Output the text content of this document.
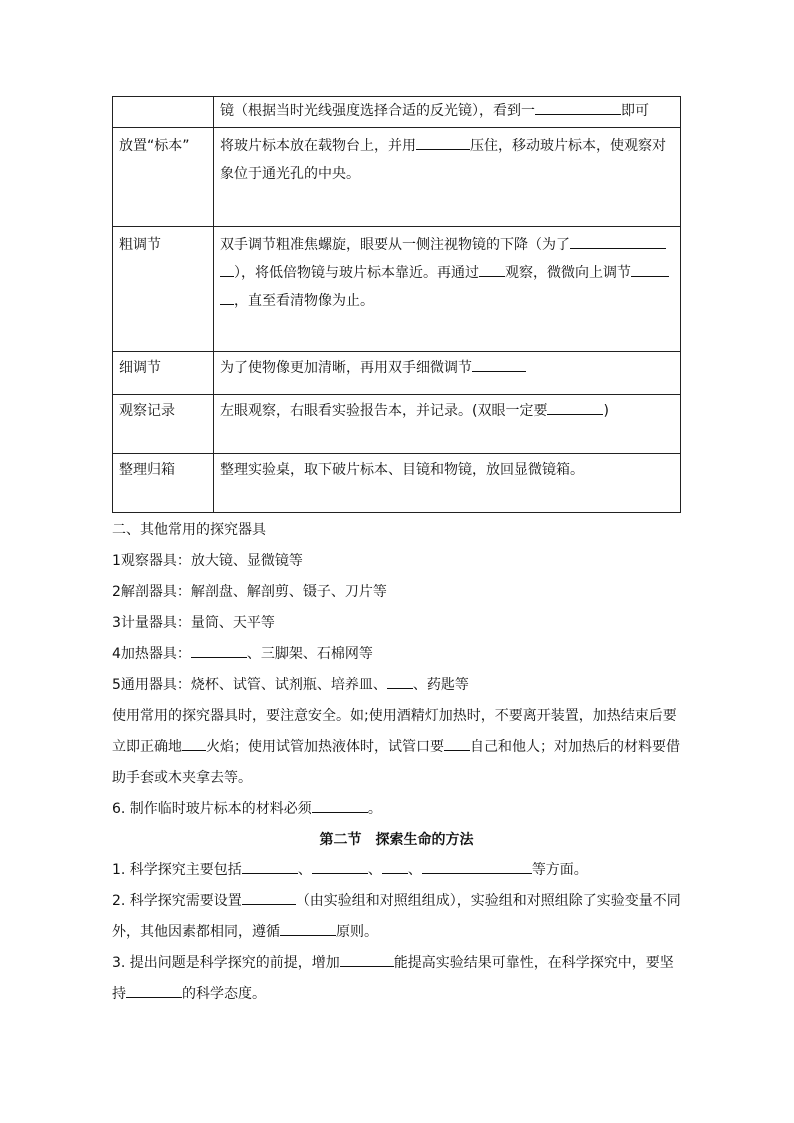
	镜（根据当时光线强度选择合适的反光镜），看到一 即可
放置“标本”	将玻片标本放在载物台上，并用 压住，移动玻片标本，使观察对象位于通光孔的中央。
粗调节	双手调节粗准焦螺旋，眼要从一侧注视物镜的下降（为了），将低倍物镜与玻片标本靠近。再通过 观察，微微向上调节，直至看清物像为止。
细调节	为了使物像更加清晰，再用双手细微调节
观察记录	左眼观察，右眼看实验报告本，并记录。(双眼一定要 )
整理归箱	整理实验桌，取下破片标本、目镜和物镜，放回显微镜箱。

二、其他常用的探究器具

1观察器具：放大镜、显微镜等

2解剖器具：解剖盘、解剖剪、镊子、刀片等

3计量器具：量筒、天平等

4加热器具：	、三脚架、石棉网等

5通用器具：烧杯、试管、试剂瓶、培养皿、 、药匙等

使用常用的探究器具时，要注意安全。如;使用酒精灯加热时，不要离开装置，加热结束后要立即正确地 火焰；使用试管加热液体时，试管口要 自己和他人；对加热后的材料要借助手套或木夹拿去等。

6. 制作临时玻片标本的材料必须	。

第二节　探索生命的方法

1. 科学探究主要包括	、	、 、	等方面。

2. 科学探究需要设置	（由实验组和对照组组成），实验组和对照组除了实验变量不同外，其他因素都相同，遵循	原则。

3. 提出问题是科学探究的前提，增加	能提高实验结果可靠性，在科学探究中，要坚持	的科学态度。
